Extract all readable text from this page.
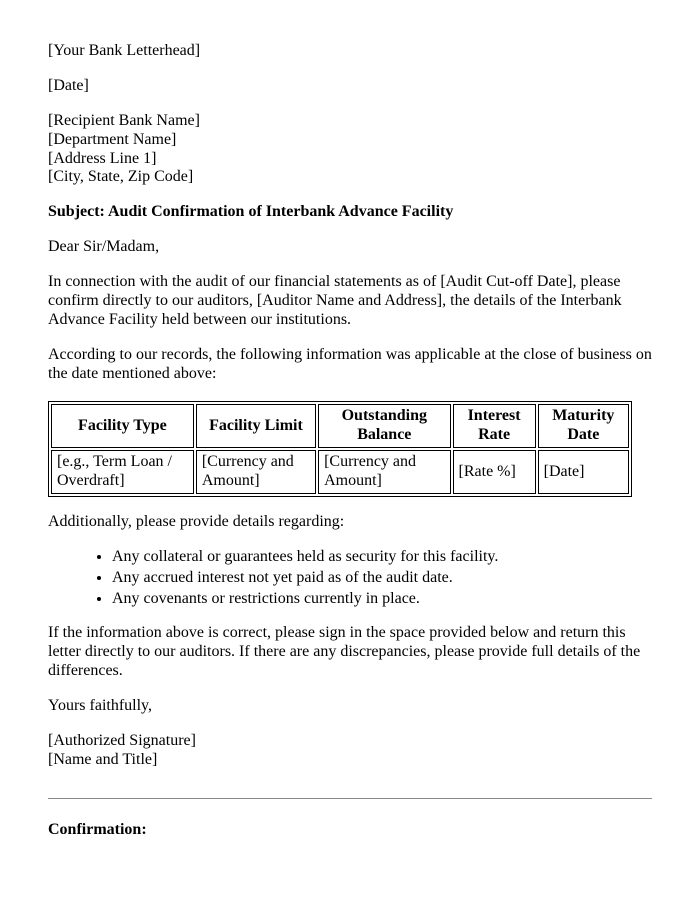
[Your Bank Letterhead]

[Date]

[Recipient Bank Name]
[Department Name]
[Address Line 1]
[City, State, Zip Code]

Subject: Audit Confirmation of Interbank Advance Facility

Dear Sir/Madam,

In connection with the audit of our financial statements as of [Audit Cut-off Date], please confirm directly to our auditors, [Auditor Name and Address], the details of the Interbank Advance Facility held between our institutions.

According to our records, the following information was applicable at the close of business on the date mentioned above:

Facility Type	Facility Limit	Outstanding Balance	Interest Rate	Maturity Date
[e.g., Term Loan / Overdraft]	[Currency and Amount]	[Currency and Amount]	[Rate %]	[Date]

Additionally, please provide details regarding:

• Any collateral or guarantees held as security for this facility.
• Any accrued interest not yet paid as of the audit date.
• Any covenants or restrictions currently in place.

If the information above is correct, please sign in the space provided below and return this letter directly to our auditors. If there are any discrepancies, please provide full details of the differences.

Yours faithfully,

[Authorized Signature]
[Name and Title]

Confirmation:
